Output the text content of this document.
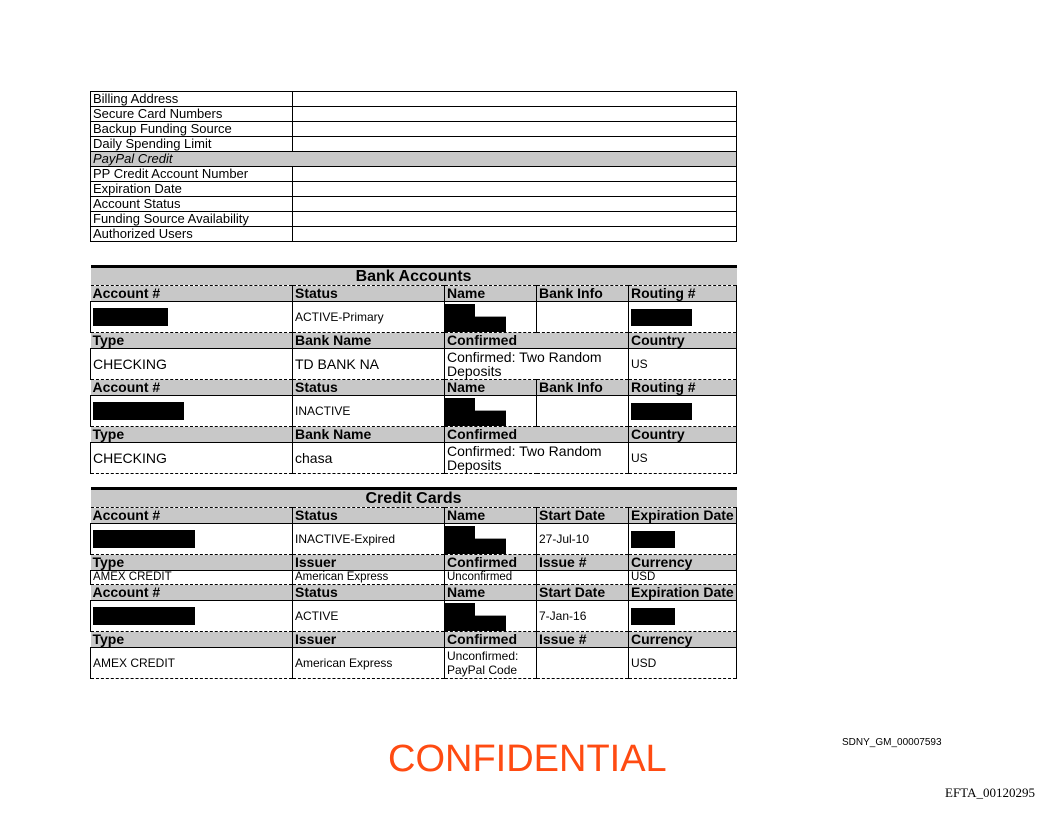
Billing Address	
Secure Card Numbers	
Backup Funding Source	
Daily Spending Limit	
PayPal Credit	
PP Credit Account Number	
Expiration Date	
Account Status	
Funding Source Availability	
Authorized Users	
Bank Accounts				
Account #	Status	Name	Bank Info	Routing #
	ACTIVE-Primary	

Type	Bank Name	Confirmed		Country
CHECKING	TD BANK NA	Confirmed: Two Random Deposits		US
Account #	Status	Name	Bank Info	Routing #
	INACTIVE	

Type	Bank Name	Confirmed		Country
CHECKING	chasa	Confirmed: Two Random Deposits		US
Credit Cards				
Account #	Status	Name	Start Date	Expiration Date
	INACTIVE-Expired		27-Jul-10	
Type	Issuer	Confirmed	Issue #	Currency
AMEX CREDIT	American Express	Unconfirmed		USD
Account #	Status	Name	Start Date	Expiration Date
	ACTIVE		7-Jan-16	
Type	Issuer	Confirmed	Issue #	Currency
AMEX CREDIT	American Express	Unconfirmed: PayPal Code		USD
CONFIDENTIAL	SDNY_GM_00007593
EFTA_00120295
